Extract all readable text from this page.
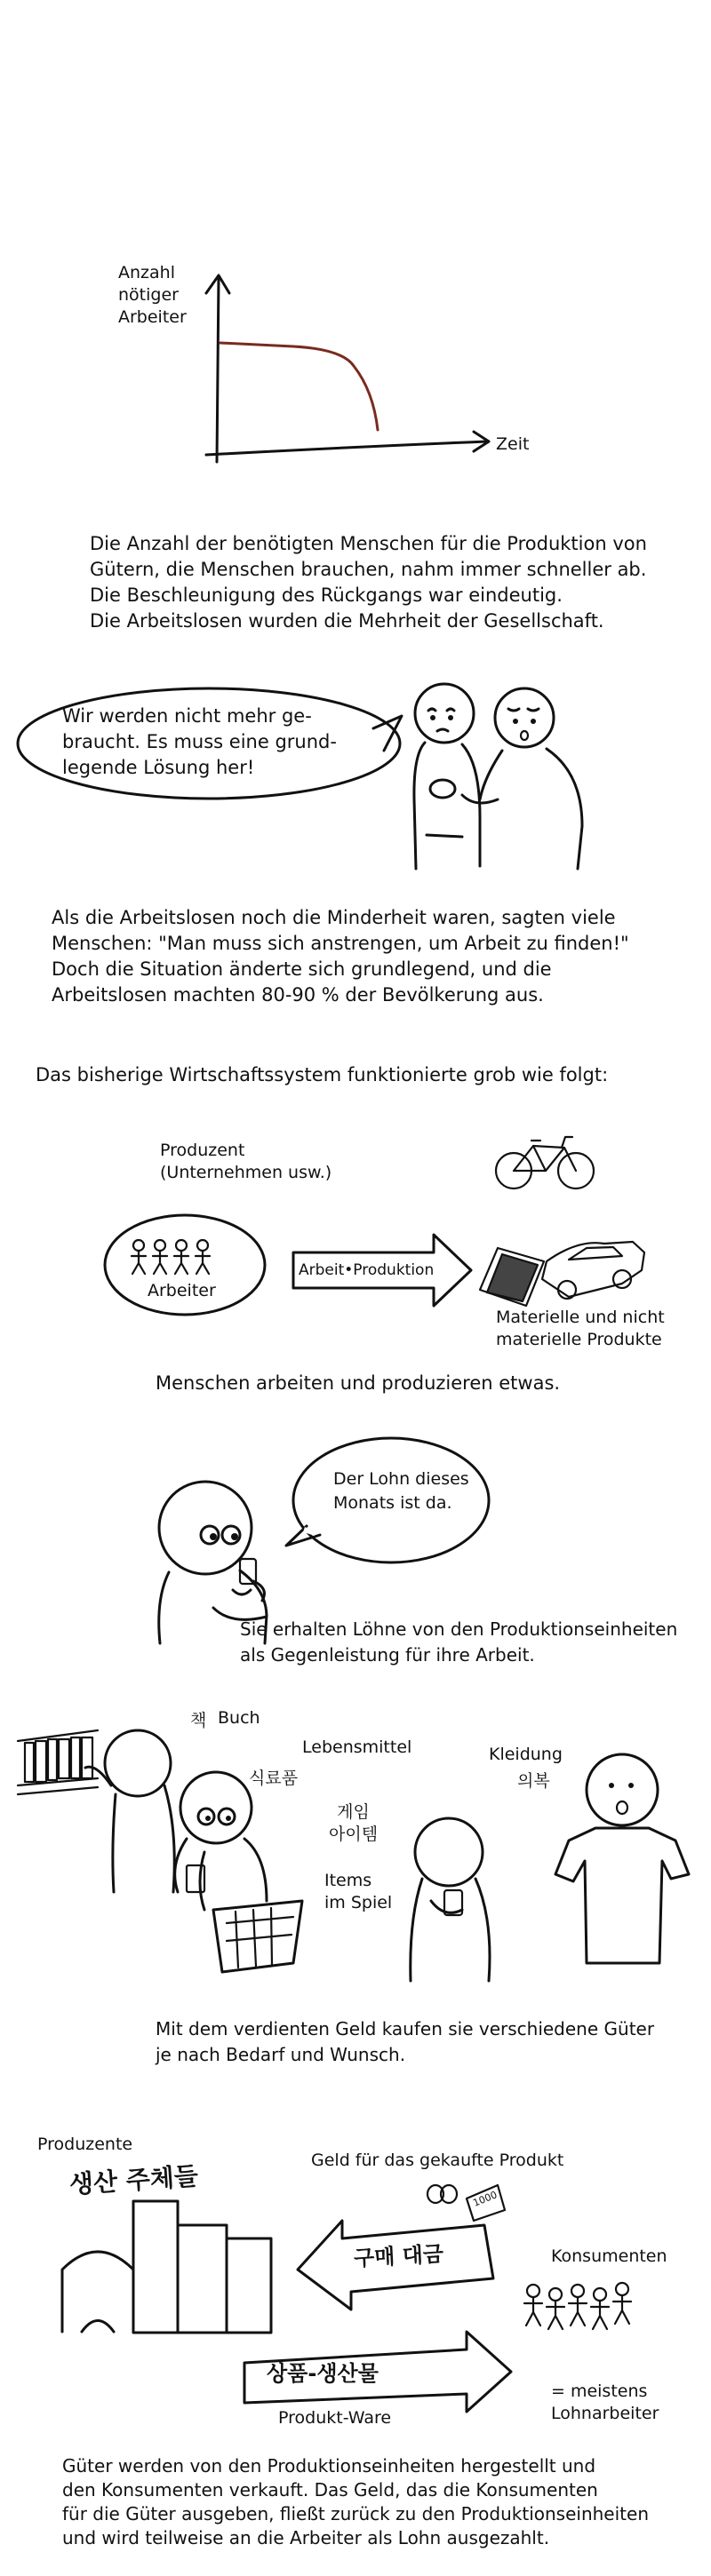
Anzahl
nötiger
Arbeiter
Zeit
Die Anzahl der benötigten Menschen für die Produktion von
Gütern, die Menschen brauchen, nahm immer schneller ab.
Die Beschleunigung des Rückgangs war eindeutig.
Die Arbeitslosen wurden die Mehrheit der Gesellschaft.
Wir werden nicht mehr ge-
braucht. Es muss eine grund-
legende Lösung her!
Als die Arbeitslosen noch die Minderheit waren, sagten viele
Menschen: "Man muss sich anstrengen, um Arbeit zu finden!"
Doch die Situation änderte sich grundlegend, und die
Arbeitslosen machten 80-90 % der Bevölkerung aus.
Das bisherige Wirtschaftssystem funktionierte grob wie folgt:
Produzent
(Unternehmen usw.)
Arbeiter
Arbeit•Produktion
Materielle und nicht
materielle Produkte
Menschen arbeiten und produzieren etwas.
Der Lohn dieses
Monats ist da.
Sie erhalten Löhne von den Produktionseinheiten
als Gegenleistung für ihre Arbeit.
책 Buch
Lebensmittel
식료품
게임
아이템
Items
im Spiel
Kleidung
의복
Mit dem verdienten Geld kaufen sie verschiedene Güter
je nach Bedarf und Wunsch.
Produzente
생산 주체들
Geld für das gekaufte Produkt
1000
구매 대금	Konsumenten
상품-생산물
Produkt-Ware
= meistens
Lohnarbeiter
Güter werden von den Produktionseinheiten hergestellt und
den Konsumenten verkauft. Das Geld, das die Konsumenten
für die Güter ausgeben, fließt zurück zu den Produktionseinheiten
und wird teilweise an die Arbeiter als Lohn ausgezahlt.
